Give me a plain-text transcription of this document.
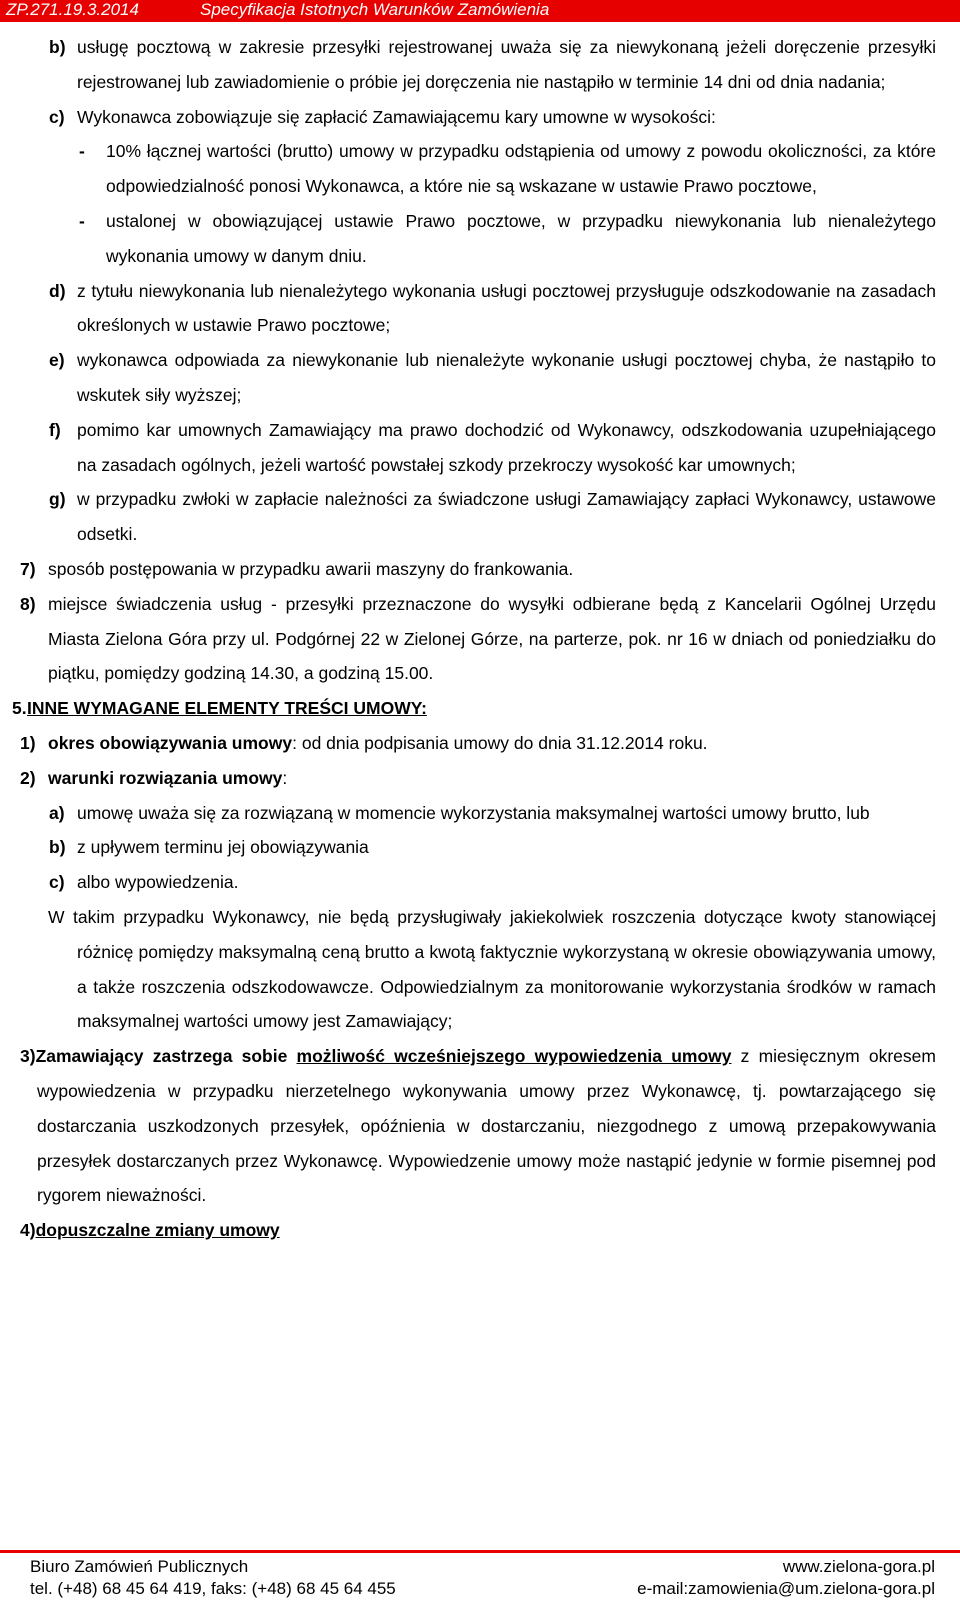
ZP.271.19.3.2014	Specyfikacja Istotnych Warunków Zamówienia
b) usługę pocztową w zakresie przesyłki rejestrowanej uważa się za niewykonaną jeżeli doręczenie przesyłki rejestrowanej lub zawiadomienie o próbie jej doręczenia nie nastąpiło w terminie 14 dni od dnia nadania;
c) Wykonawca zobowiązuje się zapłacić Zamawiającemu kary umowne w wysokości:
- 10% łącznej wartości (brutto) umowy w przypadku odstąpienia od umowy z powodu okoliczności, za które odpowiedzialność ponosi Wykonawca, a które nie są wskazane w ustawie Prawo pocztowe,
- ustalonej w obowiązującej ustawie Prawo pocztowe, w przypadku niewykonania lub nienależytego wykonania umowy w danym dniu.
d) z tytułu niewykonania lub nienależytego wykonania usługi pocztowej przysługuje odszkodowanie na zasadach określonych w ustawie Prawo pocztowe;
e) wykonawca odpowiada za niewykonanie lub nienależyte wykonanie usługi pocztowej chyba, że nastąpiło to wskutek siły wyższej;
f) pomimo kar umownych Zamawiający ma prawo dochodzić od Wykonawcy, odszkodowania uzupełniającego na zasadach ogólnych, jeżeli wartość powstałej szkody przekroczy wysokość kar umownych;
g) w przypadku zwłoki w zapłacie należności za świadczone usługi Zamawiający zapłaci Wykonawcy, ustawowe odsetki.
7) sposób postępowania w przypadku awarii maszyny do frankowania.
8) miejsce świadczenia usług - przesyłki przeznaczone do wysyłki odbierane będą z Kancelarii Ogólnej Urzędu Miasta Zielona Góra przy ul. Podgórnej 22 w Zielonej Górze, na parterze, pok. nr 16 w dniach od poniedziałku do piątku, pomiędzy godziną 14.30, a godziną 15.00.
5. INNE WYMAGANE ELEMENTY TREŚCI UMOWY:
1) okres obowiązywania umowy: od dnia podpisania umowy do dnia 31.12.2014 roku.
2) warunki rozwiązania umowy:
a) umowę uważa się za rozwiązaną w momencie wykorzystania maksymalnej wartości umowy brutto, lub
b) z upływem terminu jej obowiązywania
c) albo wypowiedzenia.
W takim przypadku Wykonawcy, nie będą przysługiwały jakiekolwiek roszczenia dotyczące kwoty stanowiącej różnicę pomiędzy maksymalną ceną brutto a kwotą faktycznie wykorzystaną w okresie obowiązywania umowy, a także roszczenia odszkodowawcze. Odpowiedzialnym za monitorowanie wykorzystania środków w ramach maksymalnej wartości umowy jest Zamawiający;
3)Zamawiający zastrzega sobie możliwość wcześniejszego wypowiedzenia umowy z miesięcznym okresem wypowiedzenia w przypadku nierzetelnego wykonywania umowy przez Wykonawcę, tj. powtarzającego się dostarczania uszkodzonych przesyłek, opóźnienia w dostarczaniu, niezgodnego z umową przepakowywania przesyłek dostarczanych przez Wykonawcę. Wypowiedzenie umowy może nastąpić jedynie w formie pisemnej pod rygorem nieważności.
4)dopuszczalne zmiany umowy
Biuro Zamówień Publicznych
tel. (+48) 68 45 64 419, faks: (+48) 68 45 64 455
www.zielona-gora.pl
e-mail:zamowienia@um.zielona-gora.pl
